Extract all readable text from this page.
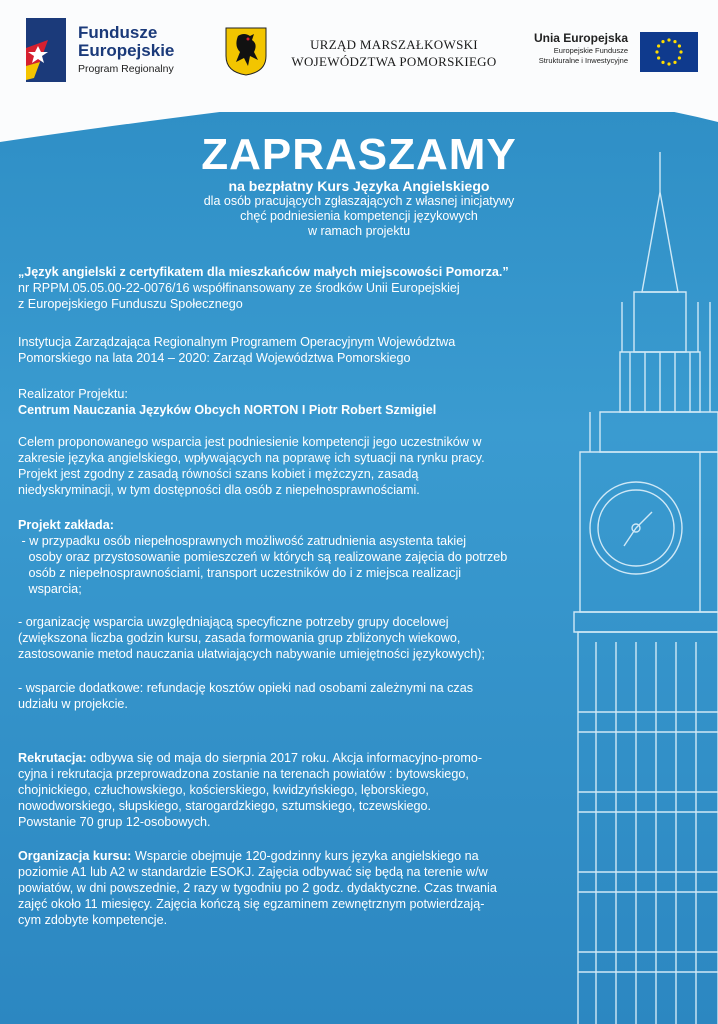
Fundusze
Europejskie
Program Regionalny
URZĄD MARSZAŁKOWSKI
WOJEWÓDZTWA POMORSKIEGO
Unia Europejska
Europejskie Fundusze
Strukturalne i Inwestycyjne
ZAPRASZAMY
na bezpłatny Kurs Języka Angielskiego
dla osób pracujących zgłaszających z własnej inicjatywy
chęć podniesienia kompetencji językowych
w ramach projektu
„Język angielski z certyfikatem dla mieszkańców małych miejscowości Pomorza.”
nr RPPM.05.05.00-22-0076/16 współfinansowany ze środków Unii Europejskiej
z Europejskiego Funduszu Społecznego
Instytucja Zarządzająca Regionalnym Programem Operacyjnym Województwa
Pomorskiego na lata 2014 – 2020: Zarząd Województwa Pomorskiego
Realizator Projektu:
Centrum Nauczania Języków Obcych NORTON I Piotr Robert Szmigiel
Celem proponowanego wsparcia jest podniesienie kompetencji jego uczestników w
zakresie języka angielskiego, wpływających na poprawę ich sytuacji na rynku pracy.
Projekt jest zgodny z zasadą równości szans kobiet i mężczyzn, zasadą
niedyskryminacji, w tym dostępności dla osób z niepełnosprawnościami.
Projekt zakłada:
- w przypadku osób niepełnosprawnych możliwość zatrudnienia asystenta takiej
osoby oraz przystosowanie pomieszczeń w których są realizowane zajęcia do potrzeb
osób z niepełnosprawnościami, transport uczestników do i z miejsca realizacji
wsparcia;
- organizację wsparcia uwzględniającą specyficzne potrzeby grupy docelowej
(zwiększona liczba godzin kursu, zasada formowania grup zbliżonych wiekowo,
zastosowanie metod nauczania ułatwiających nabywanie umiejętności językowych);
- wsparcie dodatkowe: refundację kosztów opieki nad osobami zależnymi na czas
udziału w projekcie.
Rekrutacja: odbywa się od maja do sierpnia 2017 roku. Akcja informacyjno-promo-
cyjna i rekrutacja przeprowadzona zostanie na terenach powiatów : bytowskiego,
chojnickiego, człuchowskiego, kościerskiego, kwidzyńskiego, lęborskiego,
nowodworskiego, słupskiego, starogardzkiego, sztumskiego, tczewskiego.
Powstanie 70 grup 12-osobowych.
Organizacja kursu: Wsparcie obejmuje 120-godzinny kurs języka angielskiego na
poziomie A1 lub A2 w standardzie ESOKJ. Zajęcia odbywać się będą na terenie w/w
powiatów, w dni powszednie, 2 razy w tygodniu po 2 godz. dydaktyczne. Czas trwania
zajęć około 11 miesięcy. Zajęcia kończą się egzaminem zewnętrznym potwierdzają-
cym zdobyte kompetencje.
